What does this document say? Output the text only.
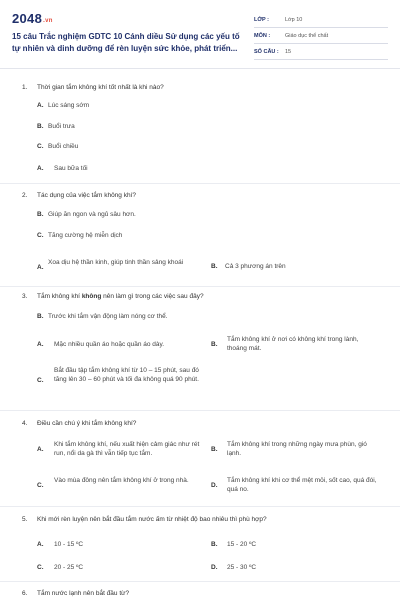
2048.vn
15 câu Trắc nghiệm GDTC 10 Cánh diều Sử dụng các yếu tố tự nhiên và dinh dưỡng để rèn luyện sức khỏe, phát triển...
LỚP :	Lớp 10
MÔN :	Giáo dục thể chất
SỐ CÂU :	15
1. Thời gian tắm không khí tốt nhất là khi nào?
A. Lúc sáng sớm
B. Buổi trưa
C. Buổi chiều
A. Sau bữa tối
2. Tác dụng của việc tắm không khí?
B. Giúp ăn ngon và ngủ sâu hơn.
C. Tăng cường hệ miễn dịch
A.
Xoa dịu hệ thần kinh, giúp tinh thần sảng khoái
B. Cả 3 phương án trên
3. Tắm không khí không nên làm gì trong các việc sau đây?
B. Trước khi tắm vận động làm nóng cơ thể.
A. Mặc nhiều quần áo hoặc quần áo dày.	B.
Tắm không khí ở nơi có không khí trong lành, thoáng mát.
C.
Bắt đầu tập tắm không khí từ 10 – 15 phút, sau đó tăng lên 30 – 60 phút và tối đa không quá 90 phút.
4. Điều cần chú ý khi tắm không khí?
A.
Khi tắm không khí, nếu xuất hiện cảm giác như rét run, nổi da gà thì vẫn tiếp tục tắm.
B.
Tắm không khí trong những ngày mưa phùn, gió lạnh.
C.
Vào mùa đông nên tắm không khí ở trong nhà.
D.
Tắm không khí khi cơ thể mệt mỏi, sốt cao, quá đói, quá no.
5. Khi mới rèn luyện nên bắt đầu tắm nước ấm từ nhiệt độ bao nhiêu thì phù hợp?
A. 10 - 15 ºC	B. 15 - 20 ºC
C. 20 - 25 ºC	D. 25 - 30 ºC
6. Tắm nước lạnh nên bắt đầu từ?
